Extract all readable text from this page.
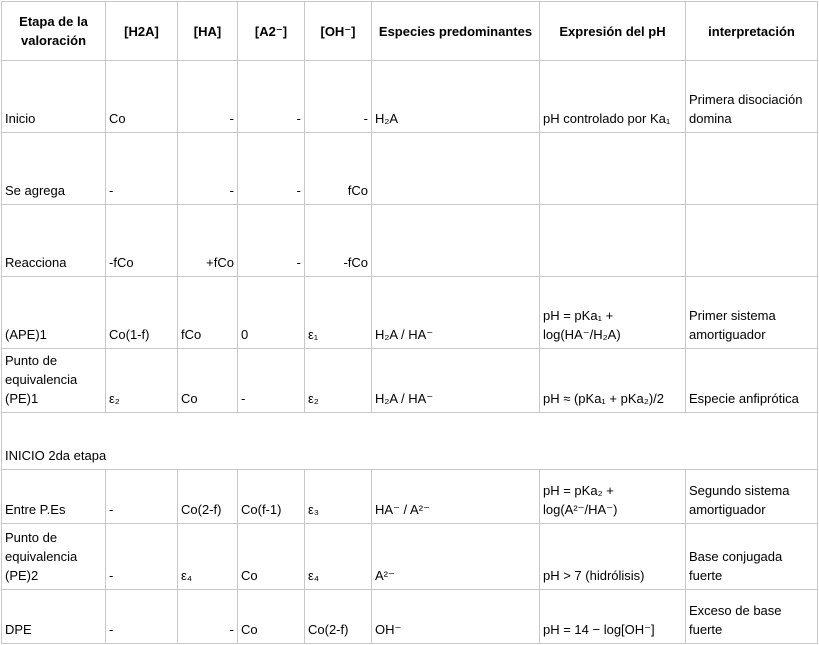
Etapa de la valoración	[H2A]	[HA]	[A2⁻]	[OH⁻]	Especies predominantes	Expresión del pH	interpretación
Inicio	Co	-	-	-	H₂A	pH controlado por Ka₁	Primera disociación domina
Se agrega	-	-	-	fCo			
Reacciona	-fCo	+fCo	-	-fCo			
(APE)1	Co(1-f)	fCo	0	ε₁	H₂A / HA⁻	pH = pKa₁ + log(HA⁻/H₂A)	Primer sistema amortiguador
Punto de equivalencia (PE)1	ε₂	Co	-	ε₂	H₂A / HA⁻	pH ≈ (pKa₁ + pKa₂)/2	Especie anfiprótica
INICIO 2da etapa							
Entre P.Es	-	Co(2-f)	Co(f-1)	ε₃	HA⁻ / A²⁻	pH = pKa₂ + log(A²⁻/HA⁻)	Segundo sistema amortiguador
Punto de equivalencia (PE)2	-	ε₄	Co	ε₄	A²⁻	pH > 7 (hidrólisis)	Base conjugada fuerte
DPE	-	-	Co	Co(2-f)	OH⁻	pH = 14 − log[OH⁻]	Exceso de base fuerte
